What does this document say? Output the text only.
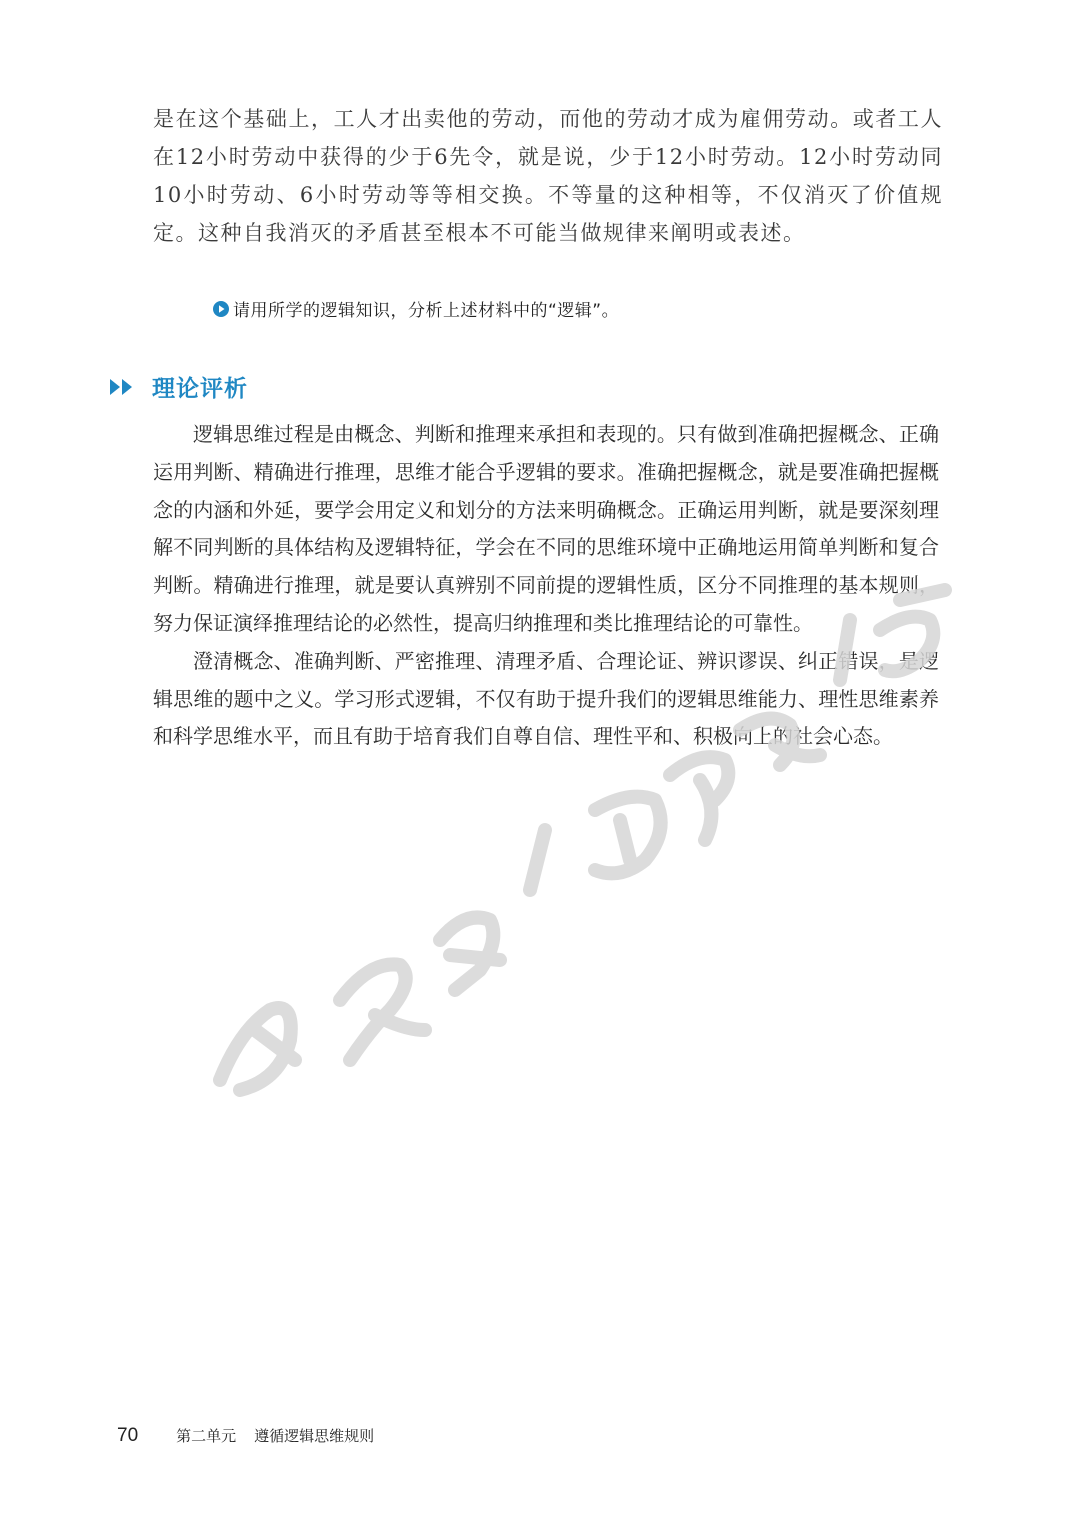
是在这个基础上，工人才出卖他的劳动，而他的劳动才成为雇佣劳动。或者工人在12小时劳动中获得的少于6先令，就是说，少于12小时劳动。12小时劳动同10小时劳动、6小时劳动等等相交换。不等量的这种相等，不仅消灭了价值规定。这种自我消灭的矛盾甚至根本不可能当做规律来阐明或表述。
请用所学的逻辑知识，分析上述材料中的“逻辑”。
理论评析

逻辑思维过程是由概念、判断和推理来承担和表现的。只有做到准确把握概念、正确运用判断、精确进行推理，思维才能合乎逻辑的要求。准确把握概念，就是要准确把握概念的内涵和外延，要学会用定义和划分的方法来明确概念。正确运用判断，就是要深刻理解不同判断的具体结构及逻辑特征，学会在不同的思维环境中正确地运用简单判断和复合判断。精确进行推理，就是要认真辨别不同前提的逻辑性质，区分不同推理的基本规则，努力保证演绎推理结论的必然性，提高归纳推理和类比推理结论的可靠性。

澄清概念、准确判断、严密推理、清理矛盾、合理论证、辨识谬误、纠正错误，是逻辑思维的题中之义。学习形式逻辑，不仅有助于提升我们的逻辑思维能力、理性思维素养和科学思维水平，而且有助于培育我们自尊自信、理性平和、积极向上的社会心态。

70	第二单元 遵循逻辑思维规则
